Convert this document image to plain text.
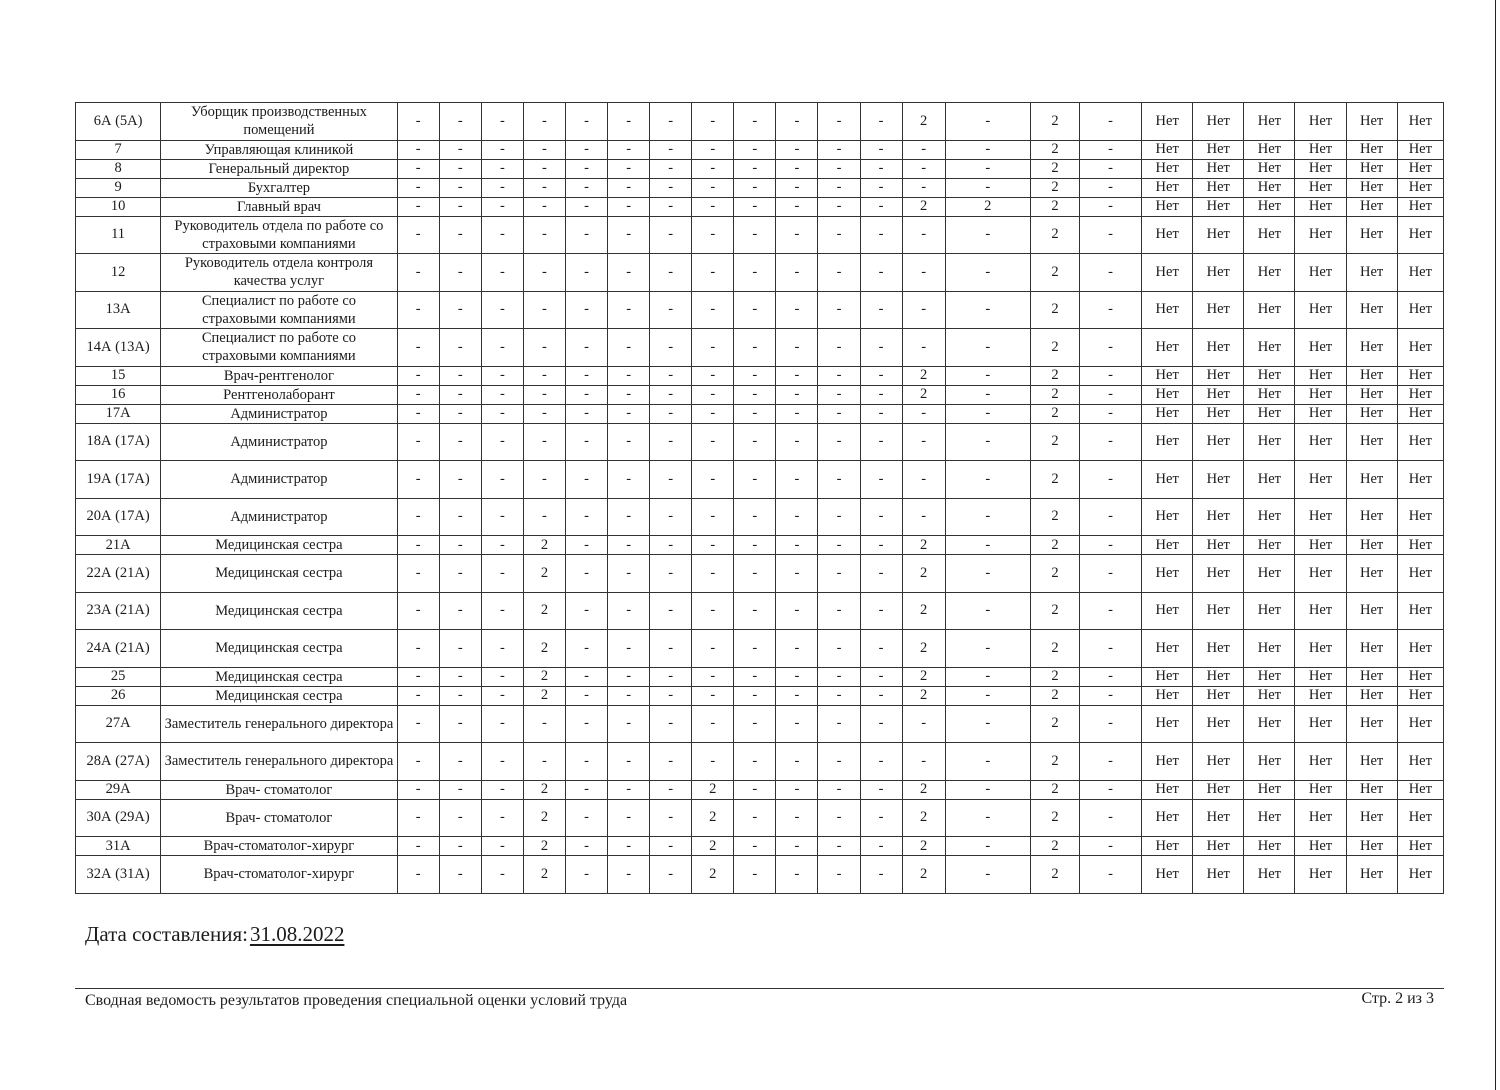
6А (5А)	Уборщик производственных помещений	-	-	-	-	-	-	-	-	-	-	-	-	2	-	2	-	Нет	Нет	Нет	Нет	Нет	Нет
7	Управляющая клиникой	-	-	-	-	-	-	-	-	-	-	-	-	-	-	2	-	Нет	Нет	Нет	Нет	Нет	Нет
8	Генеральный директор	-	-	-	-	-	-	-	-	-	-	-	-	-	-	2	-	Нет	Нет	Нет	Нет	Нет	Нет
9	Бухгалтер	-	-	-	-	-	-	-	-	-	-	-	-	-	-	2	-	Нет	Нет	Нет	Нет	Нет	Нет
10	Главный врач	-	-	-	-	-	-	-	-	-	-	-	-	2	2	2	-	Нет	Нет	Нет	Нет	Нет	Нет
11	Руководитель отдела по работе со страховыми компаниями	-	-	-	-	-	-	-	-	-	-	-	-	-	-	2	-	Нет	Нет	Нет	Нет	Нет	Нет
12	Руководитель отдела контроля качества услуг	-	-	-	-	-	-	-	-	-	-	-	-	-	-	2	-	Нет	Нет	Нет	Нет	Нет	Нет
13А	Специалист по работе со страховыми компаниями	-	-	-	-	-	-	-	-	-	-	-	-	-	-	2	-	Нет	Нет	Нет	Нет	Нет	Нет
14А (13А)	Специалист по работе со страховыми компаниями	-	-	-	-	-	-	-	-	-	-	-	-	-	-	2	-	Нет	Нет	Нет	Нет	Нет	Нет
15	Врач-рентгенолог	-	-	-	-	-	-	-	-	-	-	-	-	2	-	2	-	Нет	Нет	Нет	Нет	Нет	Нет
16	Рентгенолаборант	-	-	-	-	-	-	-	-	-	-	-	-	2	-	2	-	Нет	Нет	Нет	Нет	Нет	Нет
17А	Администратор	-	-	-	-	-	-	-	-	-	-	-	-	-	-	2	-	Нет	Нет	Нет	Нет	Нет	Нет
18А (17А)	Администратор	-	-	-	-	-	-	-	-	-	-	-	-	-	-	2	-	Нет	Нет	Нет	Нет	Нет	Нет
19А (17А)	Администратор	-	-	-	-	-	-	-	-	-	-	-	-	-	-	2	-	Нет	Нет	Нет	Нет	Нет	Нет
20А (17А)	Администратор	-	-	-	-	-	-	-	-	-	-	-	-	-	-	2	-	Нет	Нет	Нет	Нет	Нет	Нет
21А	Медицинская сестра	-	-	-	2	-	-	-	-	-	-	-	-	2	-	2	-	Нет	Нет	Нет	Нет	Нет	Нет
22А (21А)	Медицинская сестра	-	-	-	2	-	-	-	-	-	-	-	-	2	-	2	-	Нет	Нет	Нет	Нет	Нет	Нет
23А (21А)	Медицинская сестра	-	-	-	2	-	-	-	-	-	-	-	-	2	-	2	-	Нет	Нет	Нет	Нет	Нет	Нет
24А (21А)	Медицинская сестра	-	-	-	2	-	-	-	-	-	-	-	-	2	-	2	-	Нет	Нет	Нет	Нет	Нет	Нет
25	Медицинская сестра	-	-	-	2	-	-	-	-	-	-	-	-	2	-	2	-	Нет	Нет	Нет	Нет	Нет	Нет
26	Медицинская сестра	-	-	-	2	-	-	-	-	-	-	-	-	2	-	2	-	Нет	Нет	Нет	Нет	Нет	Нет
27А	Заместитель генерального директора	-	-	-	-	-	-	-	-	-	-	-	-	-	-	2	-	Нет	Нет	Нет	Нет	Нет	Нет
28А (27А)	Заместитель генерального директора	-	-	-	-	-	-	-	-	-	-	-	-	-	-	2	-	Нет	Нет	Нет	Нет	Нет	Нет
29А	Врач- стоматолог	-	-	-	2	-	-	-	2	-	-	-	-	2	-	2	-	Нет	Нет	Нет	Нет	Нет	Нет
30А (29А)	Врач- стоматолог	-	-	-	2	-	-	-	2	-	-	-	-	2	-	2	-	Нет	Нет	Нет	Нет	Нет	Нет
31А	Врач-стоматолог-хирург	-	-	-	2	-	-	-	2	-	-	-	-	2	-	2	-	Нет	Нет	Нет	Нет	Нет	Нет
32А (31А)	Врач-стоматолог-хирург	-	-	-	2	-	-	-	2	-	-	-	-	2	-	2	-	Нет	Нет	Нет	Нет	Нет	Нет
Дата составления:31.08.2022
Сводная ведомость результатов проведения специальной оценки условий труда	Стр. 2 из 3
